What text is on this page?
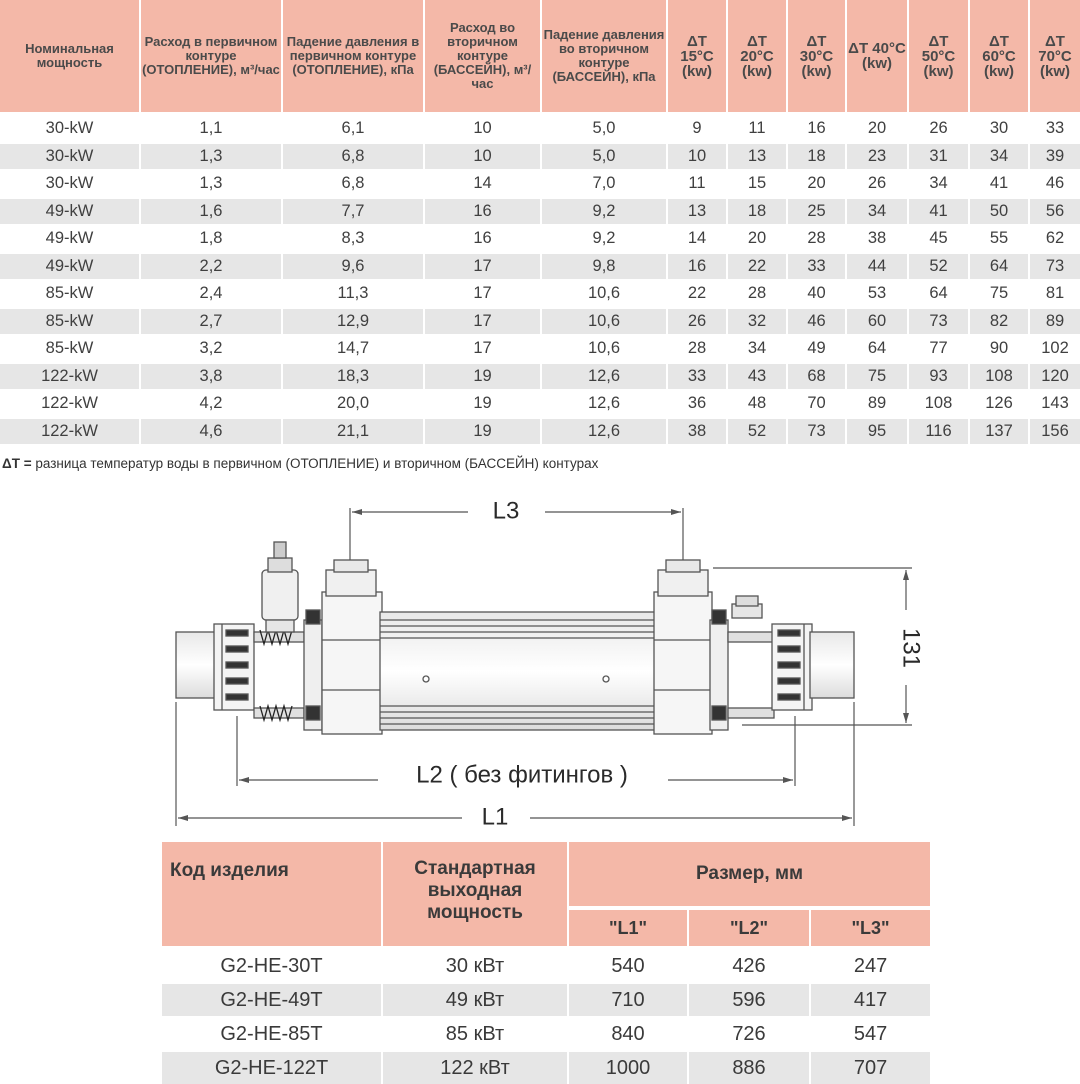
Номинальная мощность	Расход в первичном контуре (ОТОПЛЕНИЕ), м³/час	Падение давления в первичном контуре (ОТОПЛЕНИЕ), кПа	Расход во вторичном контуре (БАССЕЙН), м³/час	Падение давления во вторичном контуре (БАССЕЙН), кПа	ΔT 15°C (kw)	ΔT 20°C (kw)	ΔT 30°C (kw)	ΔT 40°C (kw)	ΔT 50°C (kw)	ΔT 60°C (kw)	ΔT 70°C (kw)
30-kW	1,1	6,1	10	5,0	9	11	16	20	26	30	33
30-kW	1,3	6,8	10	5,0	10	13	18	23	31	34	39
30-kW	1,3	6,8	14	7,0	11	15	20	26	34	41	46
49-kW	1,6	7,7	16	9,2	13	18	25	34	41	50	56
49-kW	1,8	8,3	16	9,2	14	20	28	38	45	55	62
49-kW	2,2	9,6	17	9,8	16	22	33	44	52	64	73
85-kW	2,4	11,3	17	10,6	22	28	40	53	64	75	81
85-kW	2,7	12,9	17	10,6	26	32	46	60	73	82	89
85-kW	3,2	14,7	17	10,6	28	34	49	64	77	90	102
122-kW	3,8	18,3	19	12,6	33	43	68	75	93	108	120
122-kW	4,2	20,0	19	12,6	36	48	70	89	108	126	143
122-kW	4,6	21,1	19	12,6	38	52	73	95	116	137	156
ΔT = разница температур воды в первичном (ОТОПЛЕНИЕ) и вторичном (БАССЕЙН) контурах
L3
131
L2 ( без фитингов )
L1
Код изделия	Стандартная выходная мощность	Размер, мм		
		"L1"	"L2"	"L3"
G2-HE-30T	30 кВт	540	426	247
G2-HE-49T	49 кВт	710	596	417
G2-HE-85T	85 кВт	840	726	547
G2-HE-122T	122 кВт	1000	886	707
